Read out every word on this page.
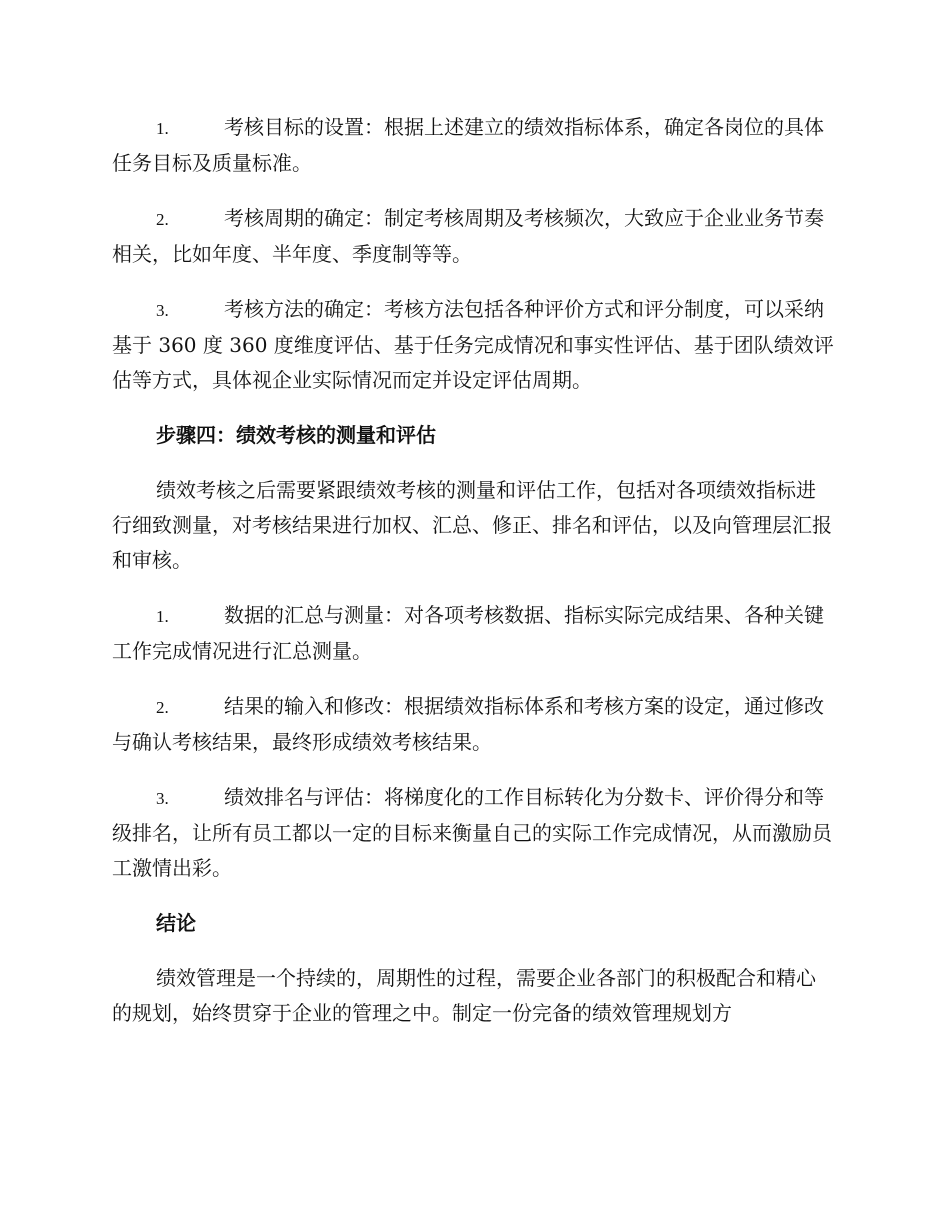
1.	考核目标的设置：根据上述建立的绩效指标体系，确定各岗位的具体任务目标及质量标准。

2.	考核周期的确定：制定考核周期及考核频次，大致应于企业业务节奏相关，比如年度、半年度、季度制等等。

3.	考核方法的确定：考核方法包括各种评价方式和评分制度，可以采纳基于 360 度 360 度维度评估、基于任务完成情况和事实性评估、基于团队绩效评估等方式，具体视企业实际情况而定并设定评估周期。

步骤四：绩效考核的测量和评估

绩效考核之后需要紧跟绩效考核的测量和评估工作，包括对各项绩效指标进行细致测量，对考核结果进行加权、汇总、修正、排名和评估，以及向管理层汇报和审核。

1.	数据的汇总与测量：对各项考核数据、指标实际完成结果、各种关键工作完成情况进行汇总测量。

2.	结果的输入和修改：根据绩效指标体系和考核方案的设定，通过修改与确认考核结果，最终形成绩效考核结果。

3.	绩效排名与评估：将梯度化的工作目标转化为分数卡、评价得分和等级排名，让所有员工都以一定的目标来衡量自己的实际工作完成情况，从而激励员工激情出彩。

结论

绩效管理是一个持续的，周期性的过程，需要企业各部门的积极配合和精心的规划，始终贯穿于企业的管理之中。制定一份完备的绩效管理规划方
